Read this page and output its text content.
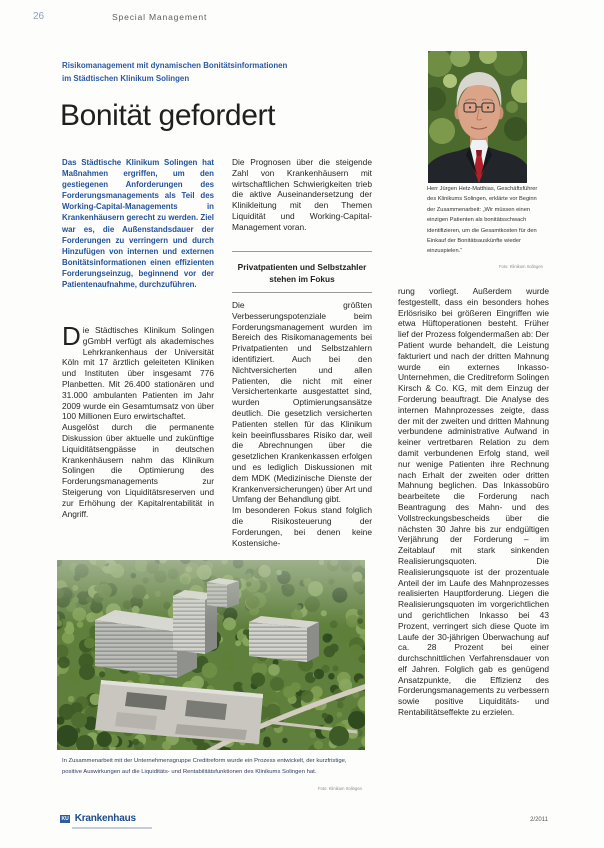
26	Special Management
Risikomanagement mit dynamischen Bonitätsinformationen
im Städtischen Klinikum Solingen
Bonität gefordert
Das Städtische Klinikum Solingen hat Maßnahmen ergriffen, um den gestiegenen Anforderungen des Forderungsmanagements als Teil des Working-Capital-Managements in Krankenhäusern gerecht zu werden. Ziel war es, die Außenstandsdauer der Forderungen zu verringern und durch Hinzufügen von internen und externen Bonitätsinformationen einen effizienten Forderungseinzug, beginnend vor der Patientenaufnahme, durchzuführen.
Die Prognosen über die steigende Zahl von Krankenhäusern mit wirtschaftlichen Schwierigkeiten trieb die aktive Auseinandersetzung der Klinikleitung mit den Themen Liquidität und Working-Capital-Management voran.
Privatpatienten und Selbstzahler stehen im Fokus

Die Städtisches Klinikum Solingen gGmbH verfügt als akademisches Lehrkrankenhaus der Universität Köln mit 17 ärztlich geleiteten Kliniken und Instituten über insgesamt 776 Planbetten. Mit 26.400 stationären und 31.000 ambulanten Patienten im Jahr 2009 wurde ein Gesamtumsatz von über 100 Millionen Euro erwirtschaftet.

Ausgelöst durch die permanente Diskussion über aktuelle und zukünftige Liquiditätsengpässe in deutschen Krankenhäusern nahm das Klinikum Solingen die Optimierung des Forderungsmanagements zur Steigerung von Liquiditätsreserven und zur Erhöhung der Kapitalrentabilität in Angriff.

Die größten Verbesserungspotenziale beim Forderungsmanagement wurden im Bereich des Risikomanagements bei Privatpatienten und Selbstzahlern identifiziert. Auch bei den Nichtversicherten und allen Patienten, die nicht mit einer Versichertenkarte ausgestattet sind, wurden Optimierungsansätze deutlich. Die gesetzlich versicherten Patienten stellen für das Klinikum kein beeinflussbares Risiko dar, weil die Abrechnungen über die gesetzlichen Krankenkassen erfolgen und es lediglich Diskussionen mit dem MDK (Medizinische Dienste der Krankenversicherungen) über Art und Umfang der Behandlung gibt.

Im besonderen Fokus stand folglich die Risikosteuerung der Forderungen, bei denen keine Kostensiche-

rung vorliegt. Außerdem wurde festgestellt, dass ein besonders hohes Erlösrisiko bei größeren Eingriffen wie etwa Hüftoperationen besteht. Früher lief der Prozess folgendermaßen ab: Der Patient wurde behandelt, die Leistung fakturiert und nach der dritten Mahnung wurde ein externes Inkasso-Unternehmen, die Creditreform Solingen Kirsch & Co. KG, mit dem Einzug der Forderung beauftragt. Die Analyse des internen Mahnprozesses zeigte, dass der mit der zweiten und dritten Mahnung verbundene administrative Aufwand in keiner vertretbaren Relation zu dem damit verbundenen Erfolg stand, weil nur wenige Patienten ihre Rechnung nach Erhalt der zweiten oder dritten Mahnung beglichen. Das Inkassobüro bearbeitete die Forderung nach Beantragung des Mahn- und des Vollstreckungsbescheids über die nächsten 30 Jahre bis zur endgültigen Verjährung der Forderung – im Zeitablauf mit stark sinkenden Realisierungsquoten. Die Realisierungsquote ist der prozentuale Anteil der im Laufe des Mahnprozesses realisierten Hauptforderung. Liegen die Realisierungsquoten im vorgerichtlichen und gerichtlichen Inkasso bei 43 Prozent, verringert sich diese Quote im Laufe der 30-jährigen Überwachung auf ca. 28 Prozent bei einer durchschnittlichen Verfahrensdauer von elf Jahren. Folglich gab es genügend Ansatzpunkte, die Effizienz des Forderungsmanagements zu verbessern sowie positive Liquiditäts- und Rentabilitätseffekte zu erzielen.

Herr Jürgen Hetz-Matthias, Geschäftsführer des Klinikums Solingen, erklärte vor Beginn der Zusammenarbeit: „Wir müssen einen einzigen Patienten als bonitätsschwach identifizieren, um die Gesamtkosten für den Einkauf der Bonitätsauskünfte wieder einzuspielen.“
Foto: Klinikum Solingen
In Zusammenarbeit mit der Unternehmensgruppe Creditreform wurde ein Prozess entwickelt, der kurzfristige, positive Auswirkungen auf die Liquiditäts- und Rentabilitätsfunktionen des Klinikums Solingen hat.
Foto: Klinikum Solingen
KU Krankenhaus	2/2011
